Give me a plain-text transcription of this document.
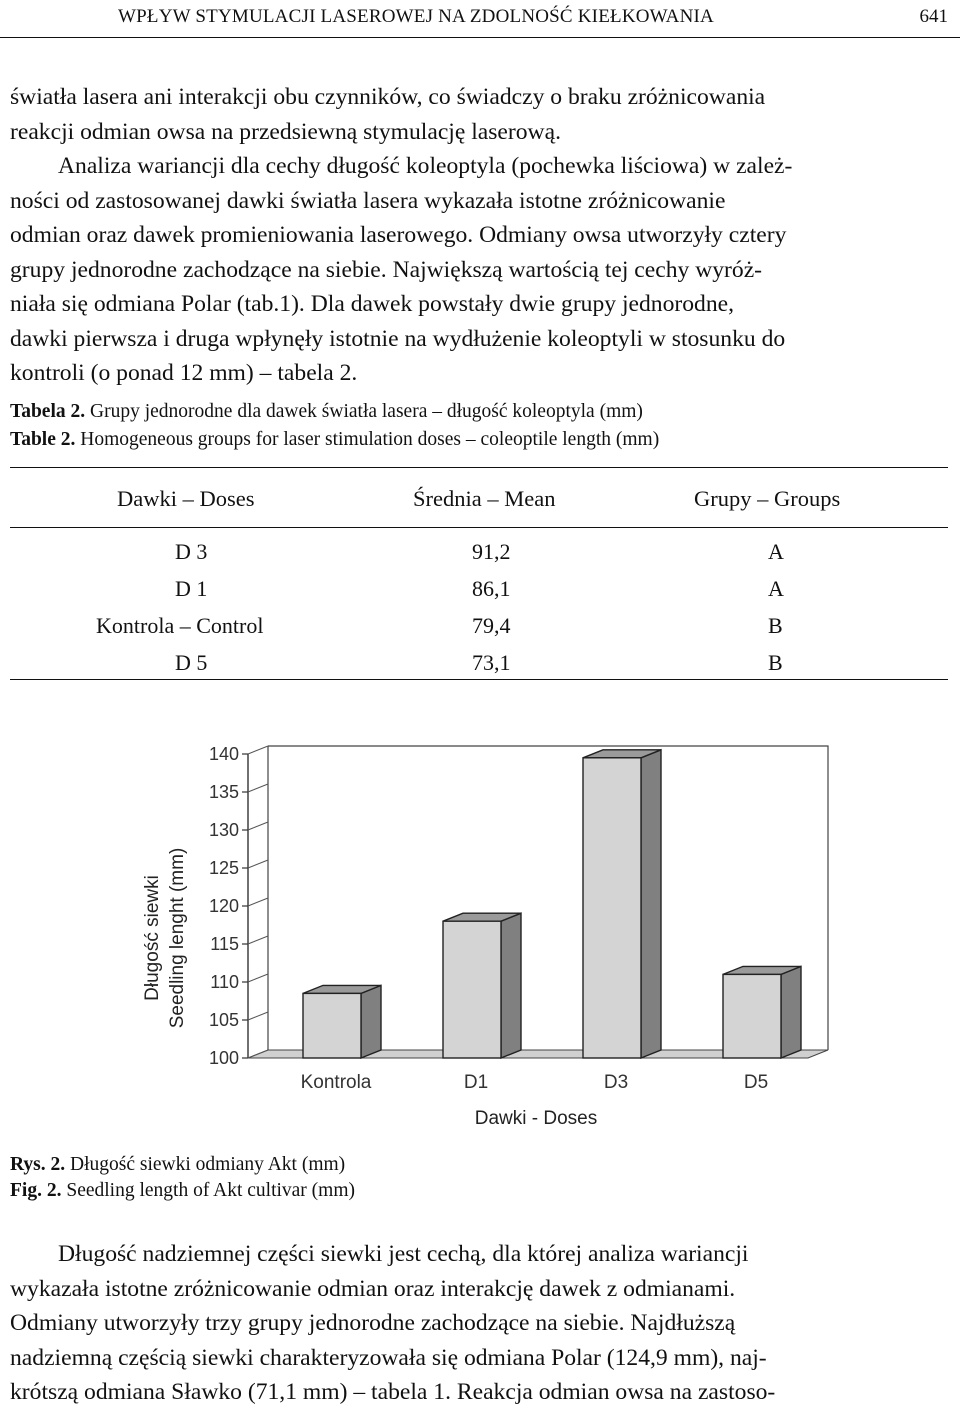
WPŁYW STYMULACJI LASEROWEJ NA ZDOLNOŚĆ KIEŁKOWANIA	641

światła lasera ani interakcji obu czynników, co świadczy o braku zróżnicowania

reakcji odmian owsa na przedsiewną stymulację laserową.

Analiza wariancji dla cechy długość koleoptyla (pochewka liściowa) w zależ-

ności od zastosowanej dawki światła lasera wykazała istotne zróżnicowanie

odmian oraz dawek promieniowania laserowego. Odmiany owsa utworzyły cztery

grupy jednorodne zachodzące na siebie. Największą wartością tej cechy wyróż-

niała się odmiana Polar (tab.1). Dla dawek powstały dwie grupy jednorodne,

dawki pierwsza i druga wpłynęły istotnie na wydłużenie koleoptyli w stosunku do

kontroli (o ponad 12 mm) – tabela 2.

Tabela 2. Grupy jednorodne dla dawek światła lasera – długość koleoptyla (mm)
Table 2. Homogeneous groups for laser stimulation doses – coleoptile length (mm)
Dawki – Doses	Średnia – Mean	Grupy – Groups
D 3	91,2	A
D 1	86,1	A
Kontrola – Control	79,4	B
D 5	73,1	B
140
135
130
125
120
115
110
105
100
Kontrola	D1	D3	D5
Długość siewki Seedling lenght (mm)
Dawki - Doses
Rys. 2. Długość siewki odmiany Akt (mm)
Fig. 2. Seedling length of Akt cultivar (mm)

Długość nadziemnej części siewki jest cechą, dla której analiza wariancji

wykazała istotne zróżnicowanie odmian oraz interakcję dawek z odmianami.

Odmiany utworzyły trzy grupy jednorodne zachodzące na siebie. Najdłuższą

nadziemną częścią siewki charakteryzowała się odmiana Polar (124,9 mm), naj-

krótszą odmiana Sławko (71,1 mm) – tabela 1. Reakcja odmian owsa na zastoso-
